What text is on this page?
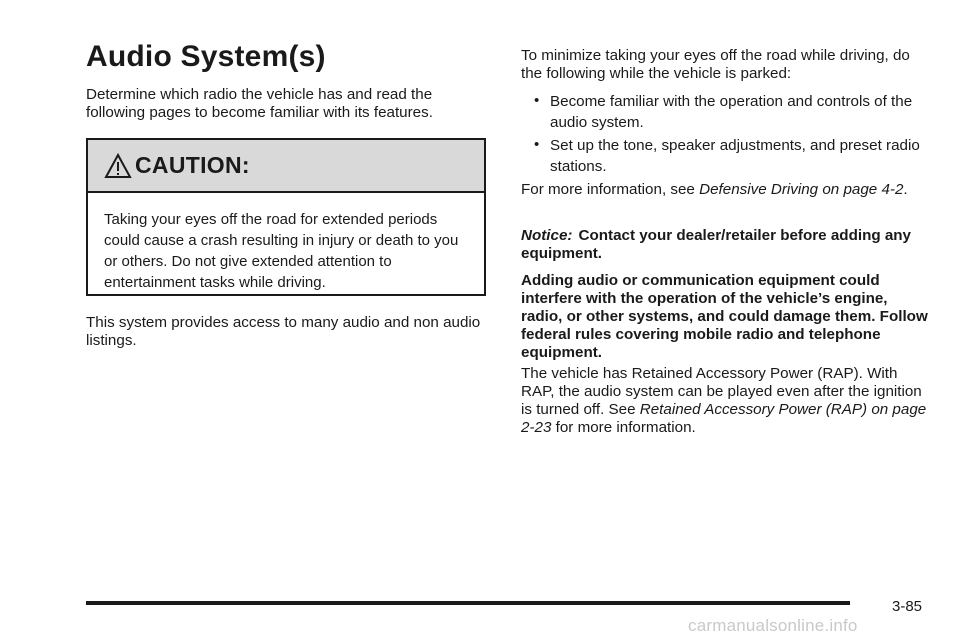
Audio System(s)

Determine which radio the vehicle has and read the following pages to become familiar with its features.

CAUTION:
Taking your eyes off the road for extended periods could cause a crash resulting in injury or death to you or others. Do not give extended attention to entertainment tasks while driving.

This system provides access to many audio and non audio listings.

To minimize taking your eyes off the road while driving, do the following while the vehicle is parked:

• Become familiar with the operation and controls of the audio system.
• Set up the tone, speaker adjustments, and preset radio stations.

For more information, see Defensive Driving on page 4-2.

Notice: Contact your dealer/retailer before adding any equipment.

Adding audio or communication equipment could interfere with the operation of the vehicle’s engine, radio, or other systems, and could damage them. Follow federal rules covering mobile radio and telephone equipment.

The vehicle has Retained Accessory Power (RAP). With RAP, the audio system can be played even after the ignition is turned off. See Retained Accessory Power (RAP) on page 2-23 for more information.

3-85
carmanualsonline.info
